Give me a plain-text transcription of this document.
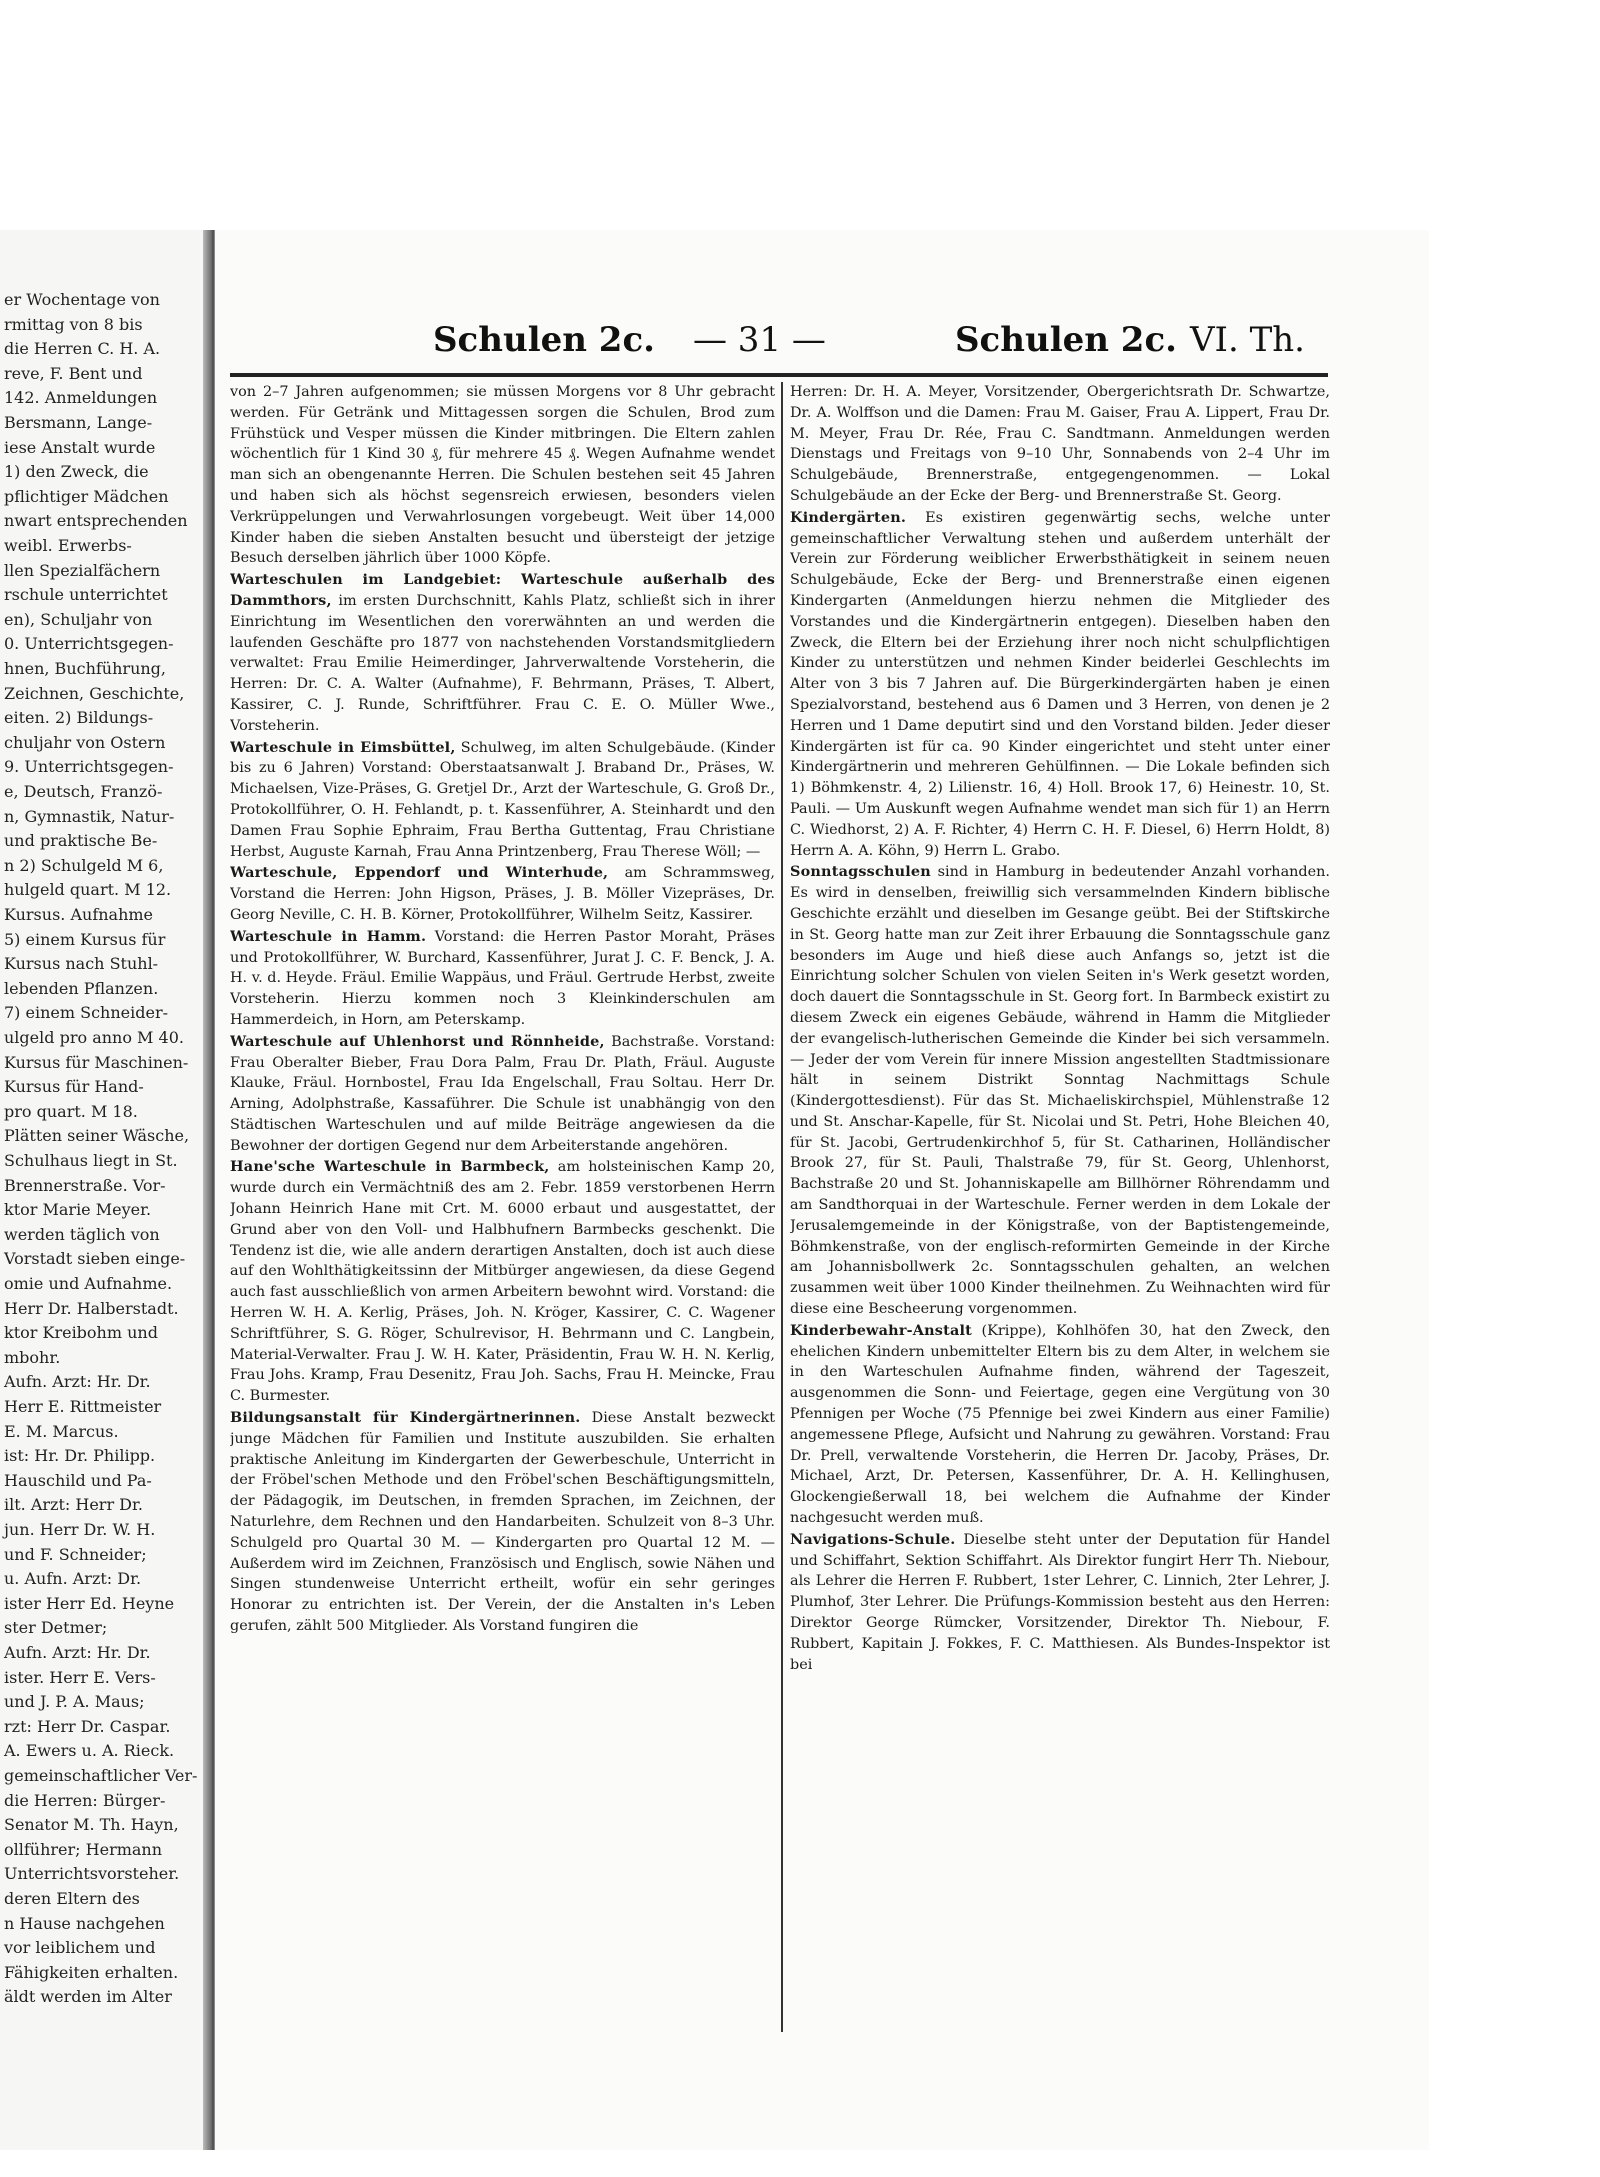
er Wochentage von
rmittag von 8 bis
die Herren C. H. A.
reve, F. Bent und
142. Anmeldungen
Bersmann, Lange-
iese Anstalt wurde
1) den Zweck, die
pflichtiger Mädchen
nwart entsprechenden
weibl. Erwerbs-
llen Spezialfächern
rschule unterrichtet
en), Schuljahr von
0. Unterrichtsgegen-
hnen, Buchführung,
Zeichnen, Geschichte,
eiten. 2) Bildungs-
chuljahr von Ostern
9. Unterrichtsgegen-
e, Deutsch, Franzö-
n, Gymnastik, Natur-
und praktische Be-
n 2) Schulgeld M 6,
hulgeld quart. M 12.
Kursus. Aufnahme
5) einem Kursus für
Kursus nach Stuhl-
lebenden Pflanzen.
7) einem Schneider-
ulgeld pro anno M 40.
Kursus für Maschinen-
Kursus für Hand-
pro quart. M 18.
Plätten seiner Wäsche,
Schulhaus liegt in St.
Brennerstraße. Vor-
ktor Marie Meyer.
werden täglich von
Vorstadt sieben einge-
omie und Aufnahme.
Herr Dr. Halberstadt.
ktor Kreibohm und
mbohr.
Aufn. Arzt: Hr. Dr.
Herr E. Rittmeister
E. M. Marcus.
ist: Hr. Dr. Philipp.
Hauschild und Pa-
ilt. Arzt: Herr Dr.
jun. Herr Dr. W. H.
und F. Schneider;
u. Aufn. Arzt: Dr.
ister Herr Ed. Heyne
ster Detmer;
Aufn. Arzt: Hr. Dr.
ister. Herr E. Vers-
und J. P. A. Maus;
rzt: Herr Dr. Caspar.
A. Ewers u. A. Rieck.
gemeinschaftlicher Ver-
die Herren: Bürger-
Senator M. Th. Hayn,
ollführer; Hermann
Unterrichtsvorsteher.
deren Eltern des
n Hause nachgehen
vor leiblichem und
Fähigkeiten erhalten.
äldt werden im Alter
Schulen 2c. — 31 —	Schulen 2c. VI. Th.

von 2–7 Jahren aufgenommen; sie müssen Morgens vor 8 Uhr gebracht werden. Für Getränk und Mittagessen sorgen die Schulen, Brod zum Frühstück und Vesper müssen die Kinder mitbringen. Die Eltern zahlen wöchentlich für 1 Kind 30 ₰, für mehrere 45 ₰. Wegen Aufnahme wendet man sich an obengenannte Herren. Die Schulen bestehen seit 45 Jahren und haben sich als höchst segensreich erwiesen, besonders vielen Verkrüppelungen und Verwahrlosungen vorgebeugt. Weit über 14,000 Kinder haben die sieben Anstalten besucht und übersteigt der jetzige Besuch derselben jährlich über 1000 Köpfe.

Warteschulen im Landgebiet: Warteschule außerhalb des Dammthors, im ersten Durchschnitt, Kahls Platz, schließt sich in ihrer Einrichtung im Wesentlichen den vorerwähnten an und werden die laufenden Geschäfte pro 1877 von nachstehenden Vorstandsmitgliedern verwaltet: Frau Emilie Heimerdinger, Jahrverwaltende Vorsteherin, die Herren: Dr. C. A. Walter (Aufnahme), F. Behrmann, Präses, T. Albert, Kassirer, C. J. Runde, Schriftführer. Frau C. E. O. Müller Wwe., Vorsteherin.

Warteschule in Eimsbüttel, Schulweg, im alten Schulgebäude. (Kinder bis zu 6 Jahren) Vorstand: Oberstaatsanwalt J. Braband Dr., Präses, W. Michaelsen, Vize-Präses, G. Gretjel Dr., Arzt der Warteschule, G. Groß Dr., Protokollführer, O. H. Fehlandt, p. t. Kassenführer, A. Steinhardt und den Damen Frau Sophie Ephraim, Frau Bertha Guttentag, Frau Christiane Herbst, Auguste Karnah, Frau Anna Printzenberg, Frau Therese Wöll; —

Warteschule, Eppendorf und Winterhude, am Schrammsweg, Vorstand die Herren: John Higson, Präses, J. B. Möller Vizepräses, Dr. Georg Neville, C. H. B. Körner, Protokollführer, Wilhelm Seitz, Kassirer.

Warteschule in Hamm. Vorstand: die Herren Pastor Moraht, Präses und Protokollführer, W. Burchard, Kassenführer, Jurat J. C. F. Benck, J. A. H. v. d. Heyde. Fräul. Emilie Wappäus, und Fräul. Gertrude Herbst, zweite Vorsteherin. Hierzu kommen noch 3 Kleinkinderschulen am Hammerdeich, in Horn, am Peterskamp.

Warteschule auf Uhlenhorst und Rönnheide, Bachstraße. Vorstand: Frau Oberalter Bieber, Frau Dora Palm, Frau Dr. Plath, Fräul. Auguste Klauke, Fräul. Hornbostel, Frau Ida Engelschall, Frau Soltau. Herr Dr. Arning, Adolphstraße, Kassaführer. Die Schule ist unabhängig von den Städtischen Warteschulen und auf milde Beiträge angewiesen da die Bewohner der dortigen Gegend nur dem Arbeiterstande angehören.

Hane'sche Warteschule in Barmbeck, am holsteinischen Kamp 20, wurde durch ein Vermächtniß des am 2. Febr. 1859 verstorbenen Herrn Johann Heinrich Hane mit Crt. M. 6000 erbaut und ausgestattet, der Grund aber von den Voll- und Halbhufnern Barmbecks geschenkt. Die Tendenz ist die, wie alle andern derartigen Anstalten, doch ist auch diese auf den Wohlthätigkeitssinn der Mitbürger angewiesen, da diese Gegend auch fast ausschließlich von armen Arbeitern bewohnt wird. Vorstand: die Herren W. H. A. Kerlig, Präses, Joh. N. Kröger, Kassirer, C. C. Wagener Schriftführer, S. G. Röger, Schulrevisor, H. Behrmann und C. Langbein, Material-Verwalter. Frau J. W. H. Kater, Präsidentin, Frau W. H. N. Kerlig, Frau Johs. Kramp, Frau Desenitz, Frau Joh. Sachs, Frau H. Meincke, Frau C. Burmester.

Bildungsanstalt für Kindergärtnerinnen. Diese Anstalt bezweckt junge Mädchen für Familien und Institute auszubilden. Sie erhalten praktische Anleitung im Kindergarten der Gewerbeschule, Unterricht in der Fröbel'schen Methode und den Fröbel'schen Beschäftigungsmitteln, der Pädagogik, im Deutschen, in fremden Sprachen, im Zeichnen, der Naturlehre, dem Rechnen und den Handarbeiten. Schulzeit von 8–3 Uhr. Schulgeld pro Quartal 30 M. — Kindergarten pro Quartal 12 M. — Außerdem wird im Zeichnen, Französisch und Englisch, sowie Nähen und Singen stundenweise Unterricht ertheilt, wofür ein sehr geringes Honorar zu entrichten ist. Der Verein, der die Anstalten in's Leben gerufen, zählt 500 Mitglieder. Als Vorstand fungiren die

Herren: Dr. H. A. Meyer, Vorsitzender, Obergerichtsrath Dr. Schwartze, Dr. A. Wolffson und die Damen: Frau M. Gaiser, Frau A. Lippert, Frau Dr. M. Meyer, Frau Dr. Rée, Frau C. Sandtmann. Anmeldungen werden Dienstags und Freitags von 9–10 Uhr, Sonnabends von 2–4 Uhr im Schulgebäude, Brennerstraße, entgegengenommen. — Lokal Schulgebäude an der Ecke der Berg- und Brennerstraße St. Georg.

Kindergärten. Es existiren gegenwärtig sechs, welche unter gemeinschaftlicher Verwaltung stehen und außerdem unterhält der Verein zur Förderung weiblicher Erwerbsthätigkeit in seinem neuen Schulgebäude, Ecke der Berg- und Brennerstraße einen eigenen Kindergarten (Anmeldungen hierzu nehmen die Mitglieder des Vorstandes und die Kindergärtnerin entgegen). Dieselben haben den Zweck, die Eltern bei der Erziehung ihrer noch nicht schulpflichtigen Kinder zu unterstützen und nehmen Kinder beiderlei Geschlechts im Alter von 3 bis 7 Jahren auf. Die Bürgerkindergärten haben je einen Spezialvorstand, bestehend aus 6 Damen und 3 Herren, von denen je 2 Herren und 1 Dame deputirt sind und den Vorstand bilden. Jeder dieser Kindergärten ist für ca. 90 Kinder eingerichtet und steht unter einer Kindergärtnerin und mehreren Gehülfinnen. — Die Lokale befinden sich 1) Böhmkenstr. 4, 2) Lilienstr. 16, 4) Holl. Brook 17, 6) Heinestr. 10, St. Pauli. — Um Auskunft wegen Aufnahme wendet man sich für 1) an Herrn C. Wiedhorst, 2) A. F. Richter, 4) Herrn C. H. F. Diesel, 6) Herrn Holdt, 8) Herrn A. A. Köhn, 9) Herrn L. Grabo.

Sonntagsschulen sind in Hamburg in bedeutender Anzahl vorhanden. Es wird in denselben, freiwillig sich versammelnden Kindern biblische Geschichte erzählt und dieselben im Gesange geübt. Bei der Stiftskirche in St. Georg hatte man zur Zeit ihrer Erbauung die Sonntagsschule ganz besonders im Auge und hieß diese auch Anfangs so, jetzt ist die Einrichtung solcher Schulen von vielen Seiten in's Werk gesetzt worden, doch dauert die Sonntagsschule in St. Georg fort. In Barmbeck existirt zu diesem Zweck ein eigenes Gebäude, während in Hamm die Mitglieder der evangelisch-lutherischen Gemeinde die Kinder bei sich versammeln. — Jeder der vom Verein für innere Mission angestellten Stadtmissionare hält in seinem Distrikt Sonntag Nachmittags Schule (Kindergottesdienst). Für das St. Michaeliskirchspiel, Mühlenstraße 12 und St. Anschar-Kapelle, für St. Nicolai und St. Petri, Hohe Bleichen 40, für St. Jacobi, Gertrudenkirchhof 5, für St. Catharinen, Holländischer Brook 27, für St. Pauli, Thalstraße 79, für St. Georg, Uhlenhorst, Bachstraße 20 und St. Johanniskapelle am Billhörner Röhrendamm und am Sandthorquai in der Warteschule. Ferner werden in dem Lokale der Jerusalemgemeinde in der Königstraße, von der Baptistengemeinde, Böhmkenstraße, von der englisch-reformirten Gemeinde in der Kirche am Johannisbollwerk 2c. Sonntagsschulen gehalten, an welchen zusammen weit über 1000 Kinder theilnehmen. Zu Weihnachten wird für diese eine Bescheerung vorgenommen.

Kinderbewahr-Anstalt (Krippe), Kohlhöfen 30, hat den Zweck, den ehelichen Kindern unbemittelter Eltern bis zu dem Alter, in welchem sie in den Warteschulen Aufnahme finden, während der Tageszeit, ausgenommen die Sonn- und Feiertage, gegen eine Vergütung von 30 Pfennigen per Woche (75 Pfennige bei zwei Kindern aus einer Familie) angemessene Pflege, Aufsicht und Nahrung zu gewähren. Vorstand: Frau Dr. Prell, verwaltende Vorsteherin, die Herren Dr. Jacoby, Präses, Dr. Michael, Arzt, Dr. Petersen, Kassenführer, Dr. A. H. Kellinghusen, Glockengießerwall 18, bei welchem die Aufnahme der Kinder nachgesucht werden muß.

Navigations-Schule. Dieselbe steht unter der Deputation für Handel und Schiffahrt, Sektion Schiffahrt. Als Direktor fungirt Herr Th. Niebour, als Lehrer die Herren F. Rubbert, 1ster Lehrer, C. Linnich, 2ter Lehrer, J. Plumhof, 3ter Lehrer. Die Prüfungs-Kommission besteht aus den Herren: Direktor George Rümcker, Vorsitzender, Direktor Th. Niebour, F. Rubbert, Kapitain J. Fokkes, F. C. Matthiesen. Als Bundes-Inspektor ist bei
